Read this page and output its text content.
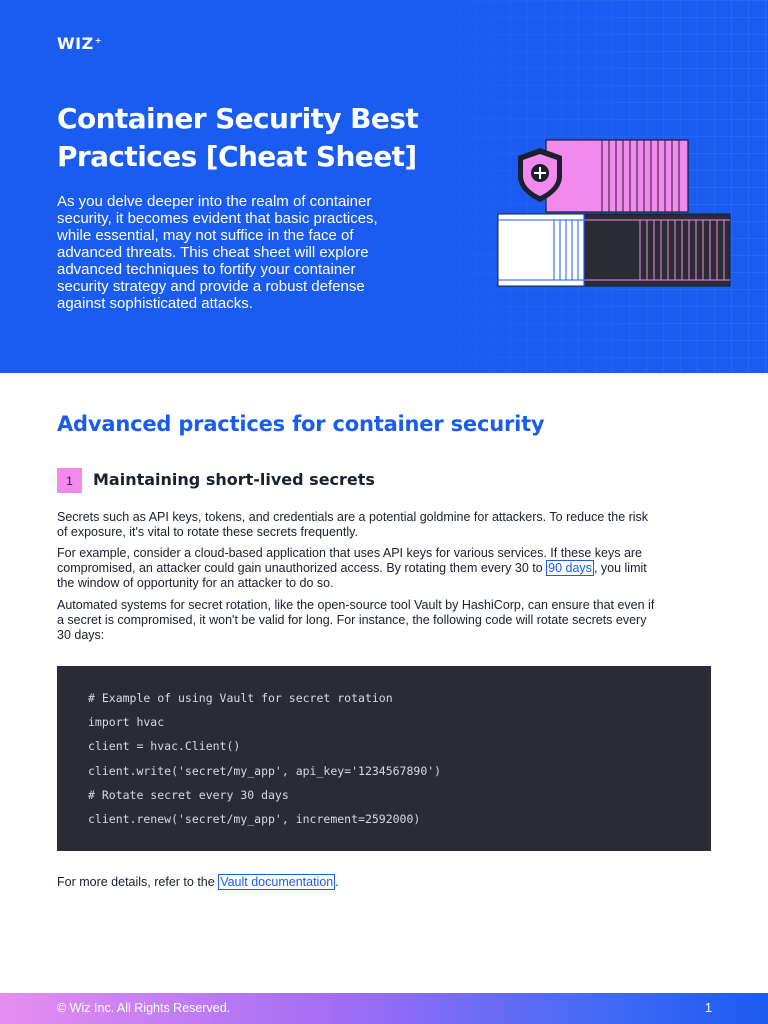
WIZ+
Container Security Best Practices [Cheat Sheet]

As you delve deeper into the realm of container security, it becomes evident that basic practices, while essential, may not suffice in the face of advanced threats. This cheat sheet will explore advanced techniques to fortify your container security strategy and provide a robust defense against sophisticated attacks.

Advanced practices for container security
1	Maintaining short-lived secrets

Secrets such as API keys, tokens, and credentials are a potential goldmine for attackers. To reduce the risk of exposure, it's vital to rotate these secrets frequently.

For example, consider a cloud-based application that uses API keys for various services. If these keys are compromised, an attacker could gain unauthorized access. By rotating them every 30 to 90 days , you limit the window of opportunity for an attacker to do so.

Automated systems for secret rotation, like the open-source tool Vault by HashiCorp, can ensure that even if a secret is compromised, it won't be valid for long. For instance, the following code will rotate secrets every 30 days:

# Example of using Vault for secret rotation

import hvac

client = hvac.Client()

client.write('secret/my_app', api_key='1234567890')

# Rotate secret every 30 days

client.renew('secret/my_app', increment=2592000)

For more details, refer to the Vault documentation .

© Wiz Inc. All Rights Reserved.	1
